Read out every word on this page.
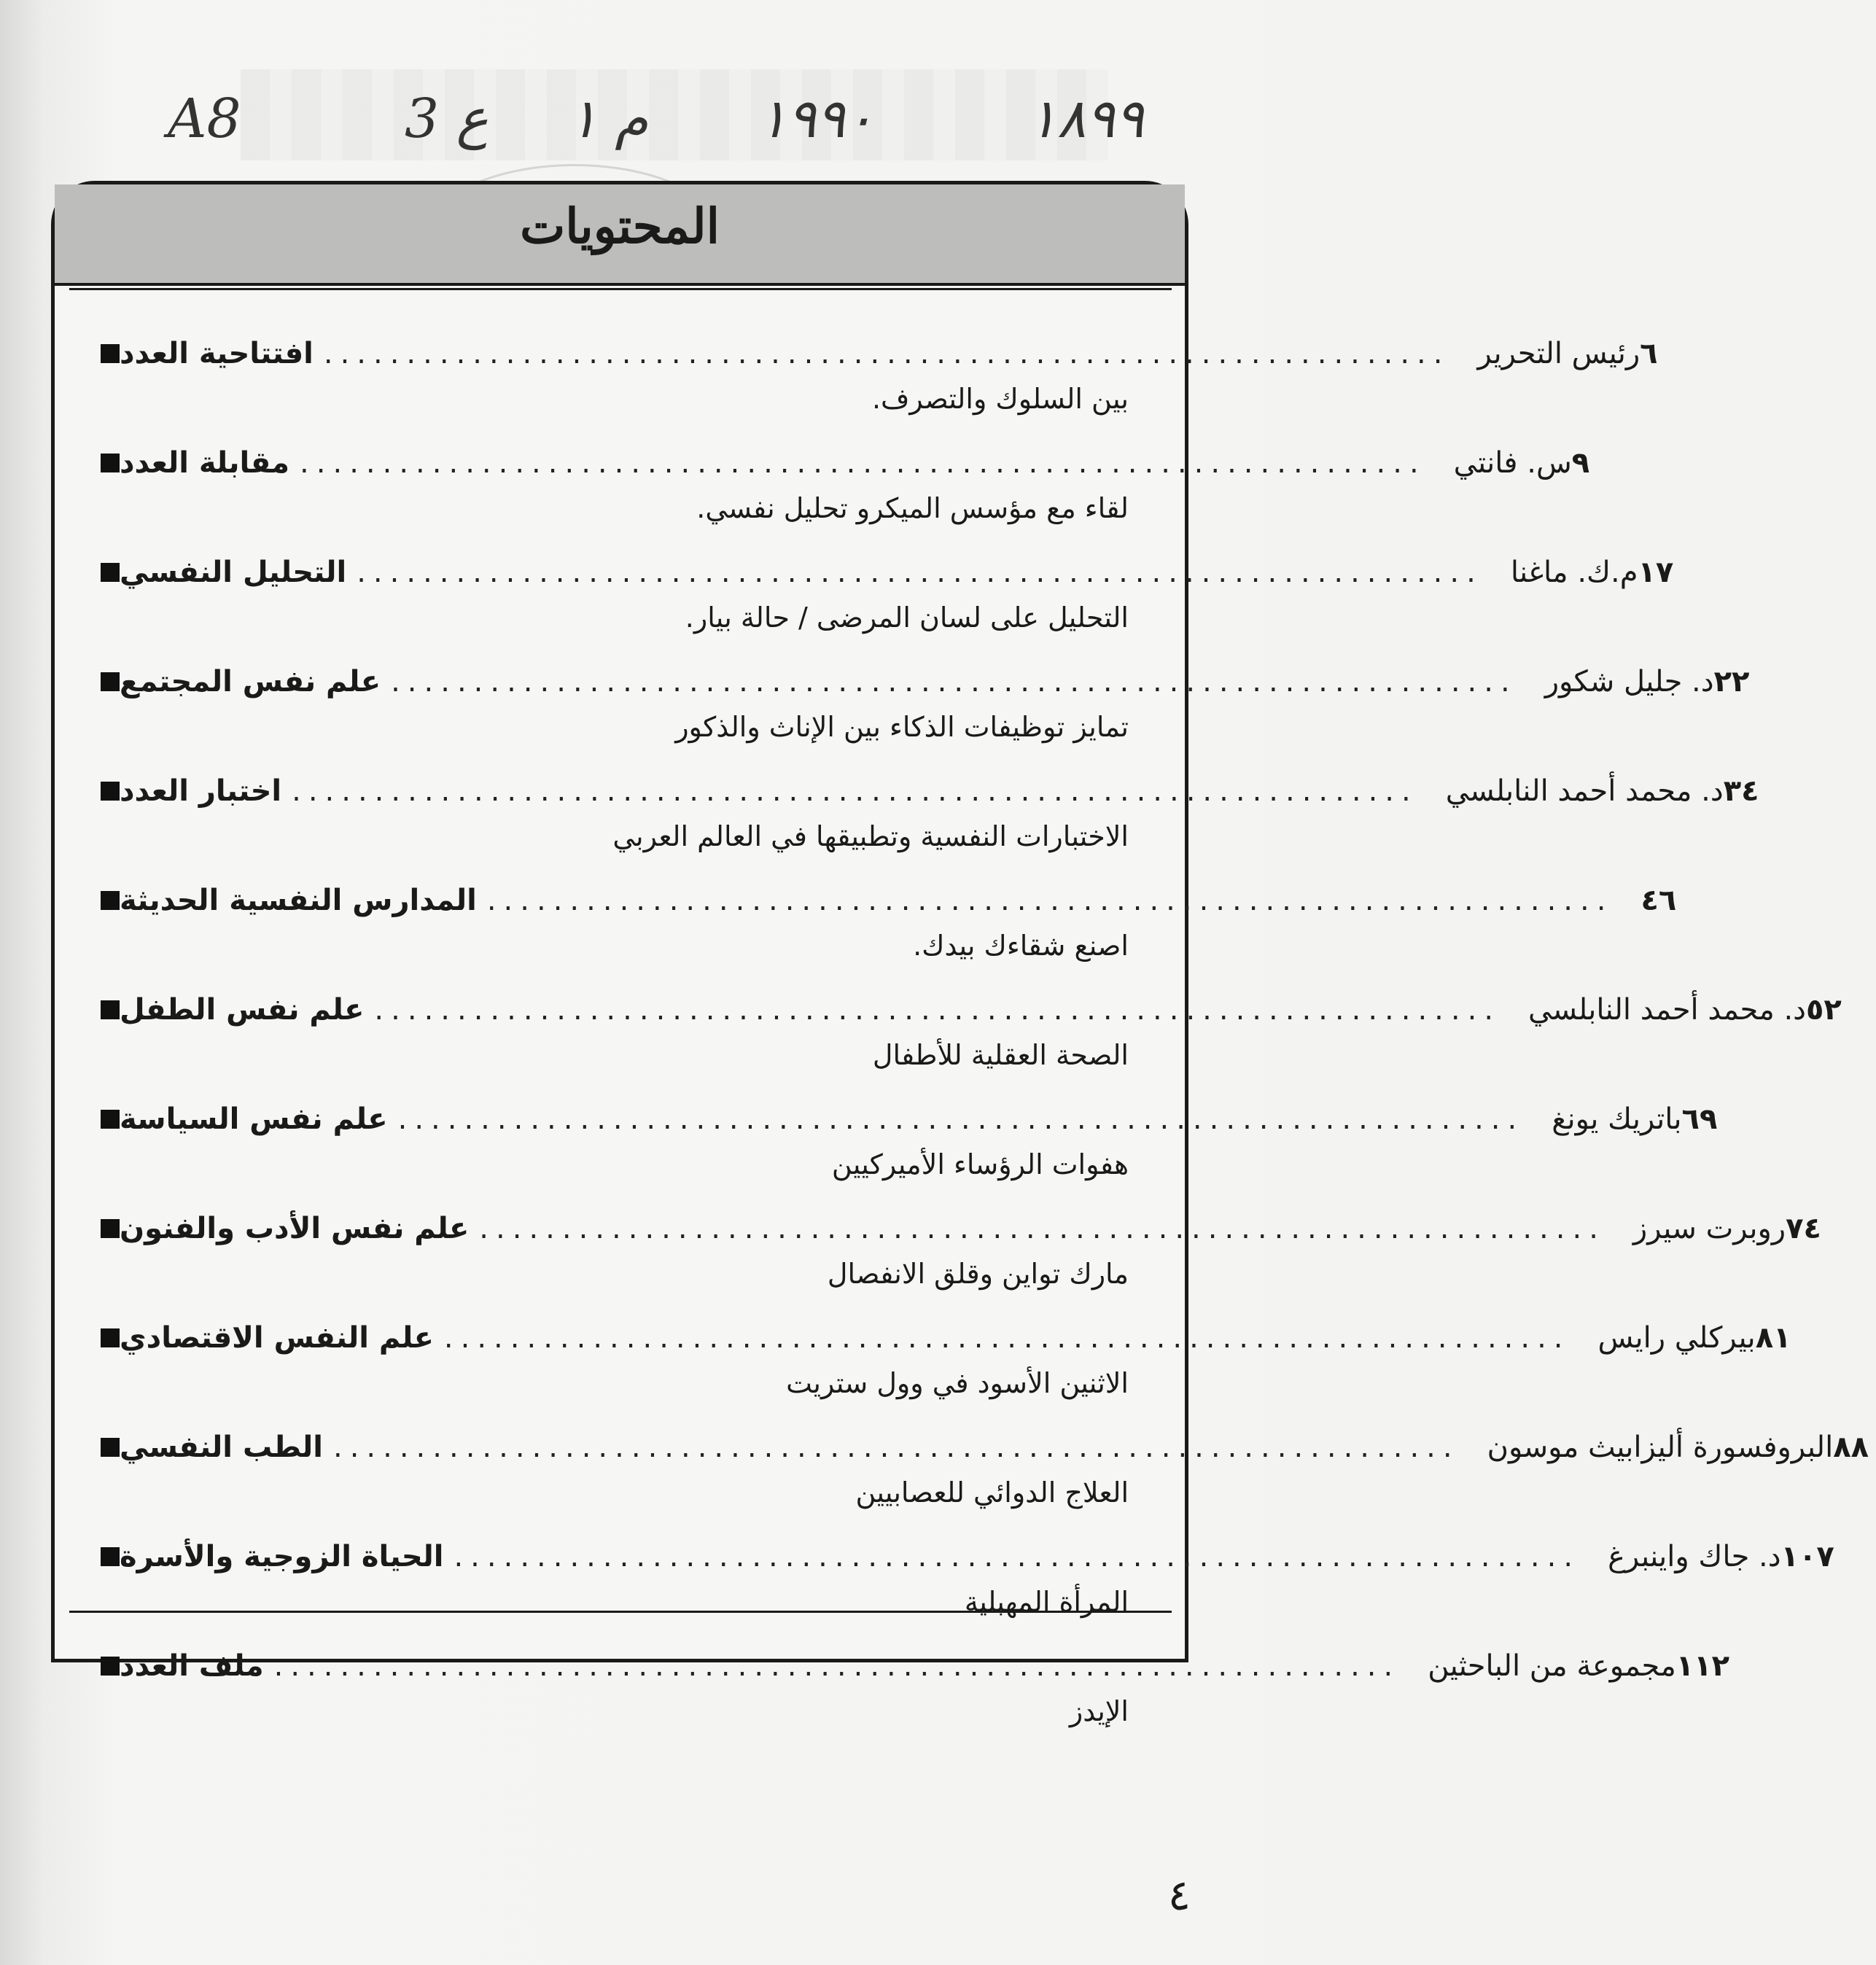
A8	3 ع م ١ ١٩٩٠	١٨٩٩
المحتويات
افتتاحية العدد .................................................................... رئيس التحرير ٦
بين السلوك والتصرف.
مقابلة العدد .................................................................... س. فانتي ٩
لقاء مع مؤسس الميكرو تحليل نفسي.
التحليل النفسي .................................................................... م.ك. ماغنا ١٧
التحليل على لسان المرضى / حالة بيار.
علم نفس المجتمع .................................................................... د. جليل شكور ٢٢
تمايز توظيفات الذكاء بين الإناث والذكور
اختبار العدد .................................................................... د. محمد أحمد النابلسي ٣٤
الاختبارات النفسية وتطبيقها في العالم العربي
المدارس النفسية الحديثة .................................................................... ٤٦
اصنع شقاءك بيدك.
علم نفس الطفل .................................................................... د. محمد أحمد النابلسي ٥٢
الصحة العقلية للأطفال
علم نفس السياسة .................................................................... باتريك يونغ ٦٩
هفوات الرؤساء الأميركيين
علم نفس الأدب والفنون .................................................................... روبرت سيرز ٧٤
مارك تواين وقلق الانفصال
علم النفس الاقتصادي .................................................................... بيركلي رايس ٨١
الاثنين الأسود في وول ستريت
الطب النفسي .................................................................... البروفسورة أليزابيث موسون ٨٨
العلاج الدوائي للعصابيين
الحياة الزوجية والأسرة .................................................................... د. جاك واينبرغ ١٠٧
المرأة المهبلية
ملف العدد .................................................................... مجموعة من الباحثين ١١٢
الإيدز
٤
